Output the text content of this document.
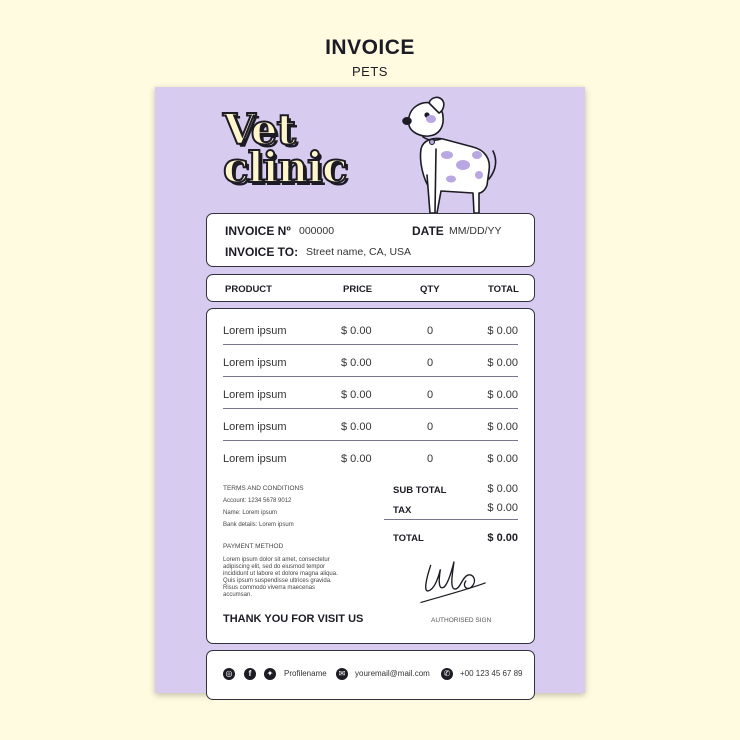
INVOICE
PETS
Vet
clinic
INVOICE Nº 000000	DATE MM/DD/YY
INVOICE TO: Street name, CA, USA
PRODUCT	PRICE	QTY	TOTAL
Lorem ipsum	$ 0.00	0	$ 0.00
Lorem ipsum	$ 0.00	0	$ 0.00
Lorem ipsum	$ 0.00	0	$ 0.00
Lorem ipsum	$ 0.00	0	$ 0.00
Lorem ipsum	$ 0.00	0	$ 0.00
TERMS AND CONDITIONS
Account: 1234 5678 9012
Name: Lorem ipsum
Bank details: Lorem ipsum
PAYMENT METHOD
Lorem ipsum dolor sit amet, consectetur adipiscing elit, sed do eiusmod tempor incididunt ut labore et dolore magna aliqua. Quis ipsum suspendisse ultrices gravida. Risus commodo viverra maecenas accumsan.
SUB TOTAL	$ 0.00
TAX	$ 0.00
TOTAL	$ 0.00
AUTHORISED SIGN
THANK YOU FOR VISIT US
◎	f	✦	Profilename	✉	youremail@mail.com	✆	+00 123 45 67 89
